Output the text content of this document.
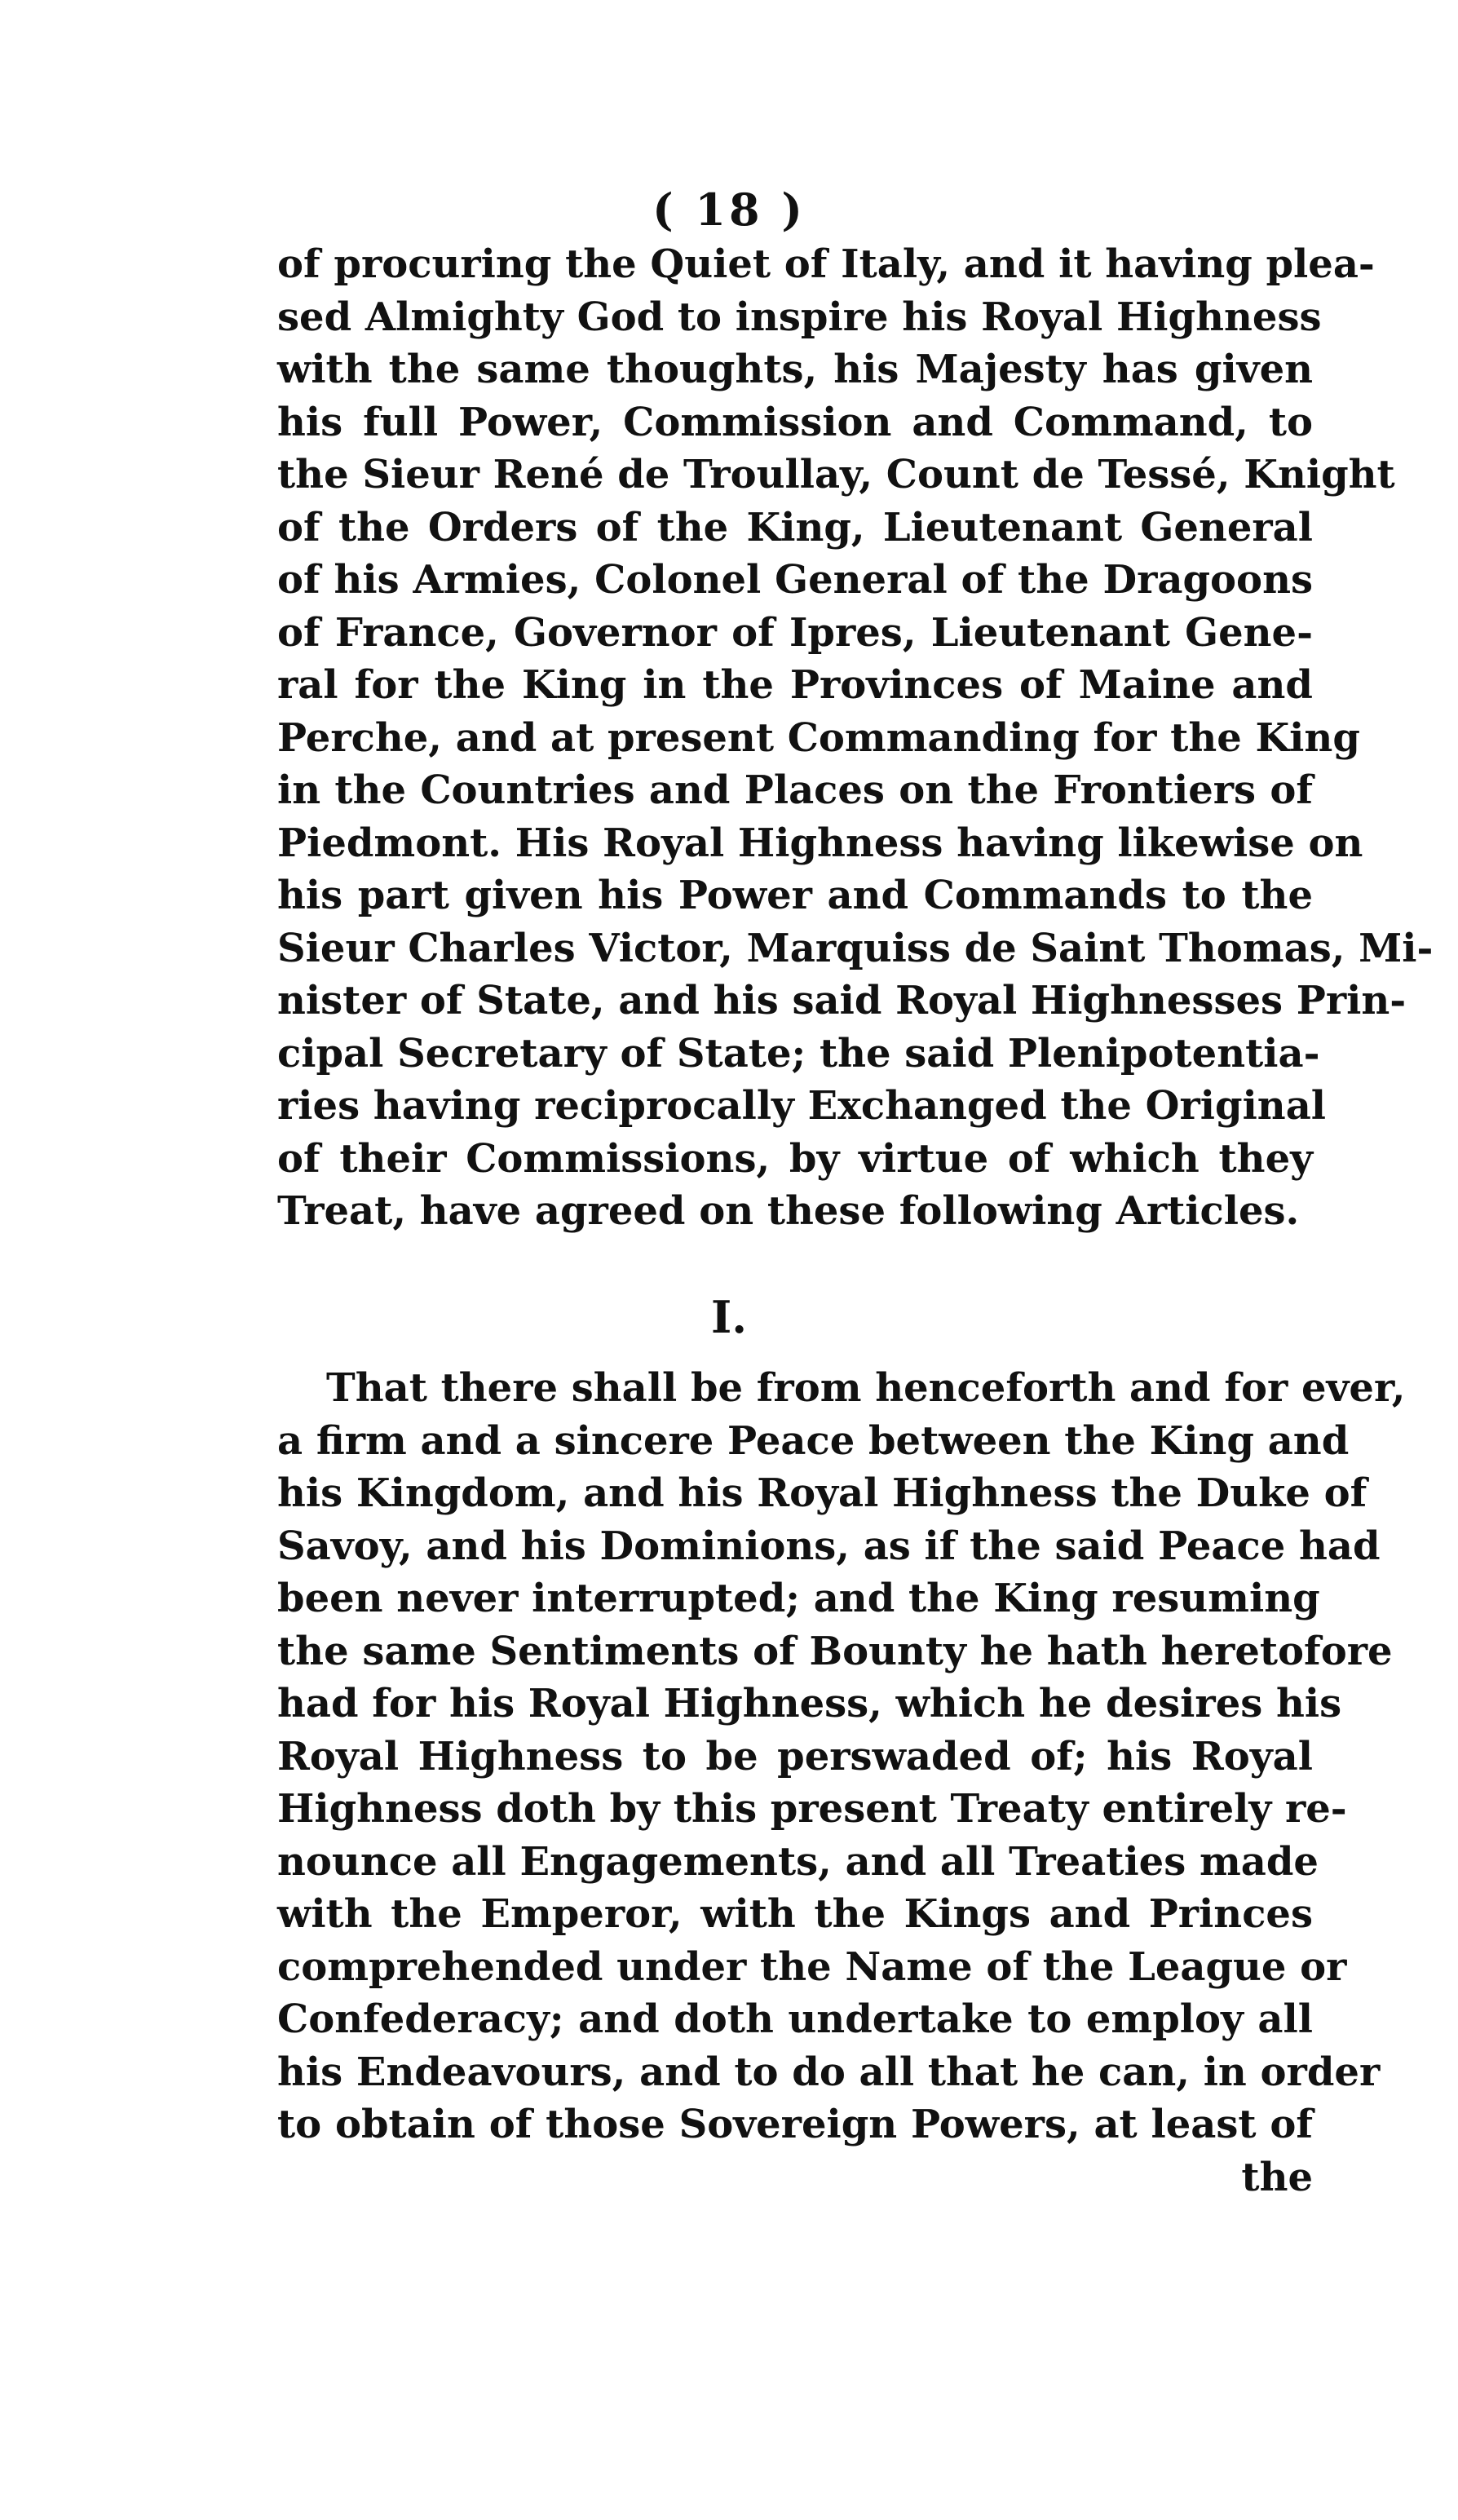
( 18 )
of procuring the Quiet of Italy, and it having plea-
sed Almighty God to inspire his Royal Highness
with the same thoughts, his Majesty has given
his full Power, Commission and Command, to
the Sieur René de Troullay, Count de Tessé, Knight
of the Orders of the King, Lieutenant General
of his Armies, Colonel General of the Dragoons
of France, Governor of Ipres, Lieutenant Gene-
ral for the King in the Provinces of Maine and
Perche, and at present Commanding for the King
in the Countries and Places on the Frontiers of
Piedmont. His Royal Highness having likewise on
his part given his Power and Commands to the
Sieur Charles Victor, Marquiss de Saint Thomas, Mi-
nister of State, and his said Royal Highnesses Prin-
cipal Secretary of State; the said Plenipotentia-
ries having reciprocally Exchanged the Original
of their Commissions, by virtue of which they
Treat, have agreed on these following Articles.
I.
That there shall be from henceforth and for ever,
a firm and a sincere Peace between the King and
his Kingdom, and his Royal Highness the Duke of
Savoy, and his Dominions, as if the said Peace had
been never interrupted; and the King resuming
the same Sentiments of Bounty he hath heretofore
had for his Royal Highness, which he desires his
Royal Highness to be perswaded of; his Royal
Highness doth by this present Treaty entirely re-
nounce all Engagements, and all Treaties made
with the Emperor, with the Kings and Princes
comprehended under the Name of the League or
Confederacy; and doth undertake to employ all
his Endeavours, and to do all that he can, in order
to obtain of those Sovereign Powers, at least of
the
